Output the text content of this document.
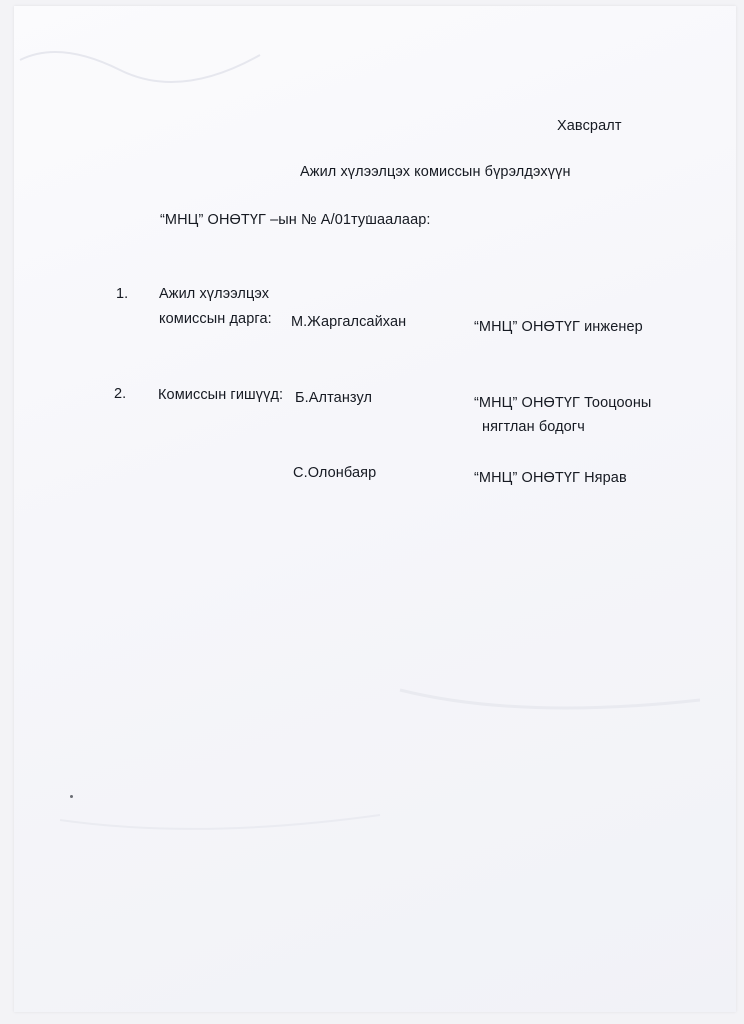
Хавсралт
Ажил хүлээлцэх комиссын бүрэлдэхүүн
“МНЦ” ОНӨТҮГ –ын № А/01тушаалаар:
1. Ажил хүлээлцэх
комиссын дарга: М.Жаргалсайхан	“МНЦ” ОНӨТҮГ инженер
2. Комиссын гишүүд: Б.Алтанзул	“МНЦ” ОНӨТҮГ Тооцооны
нягтлан бодогч
С.Олонбаяр	“МНЦ” ОНӨТҮГ Нярав
